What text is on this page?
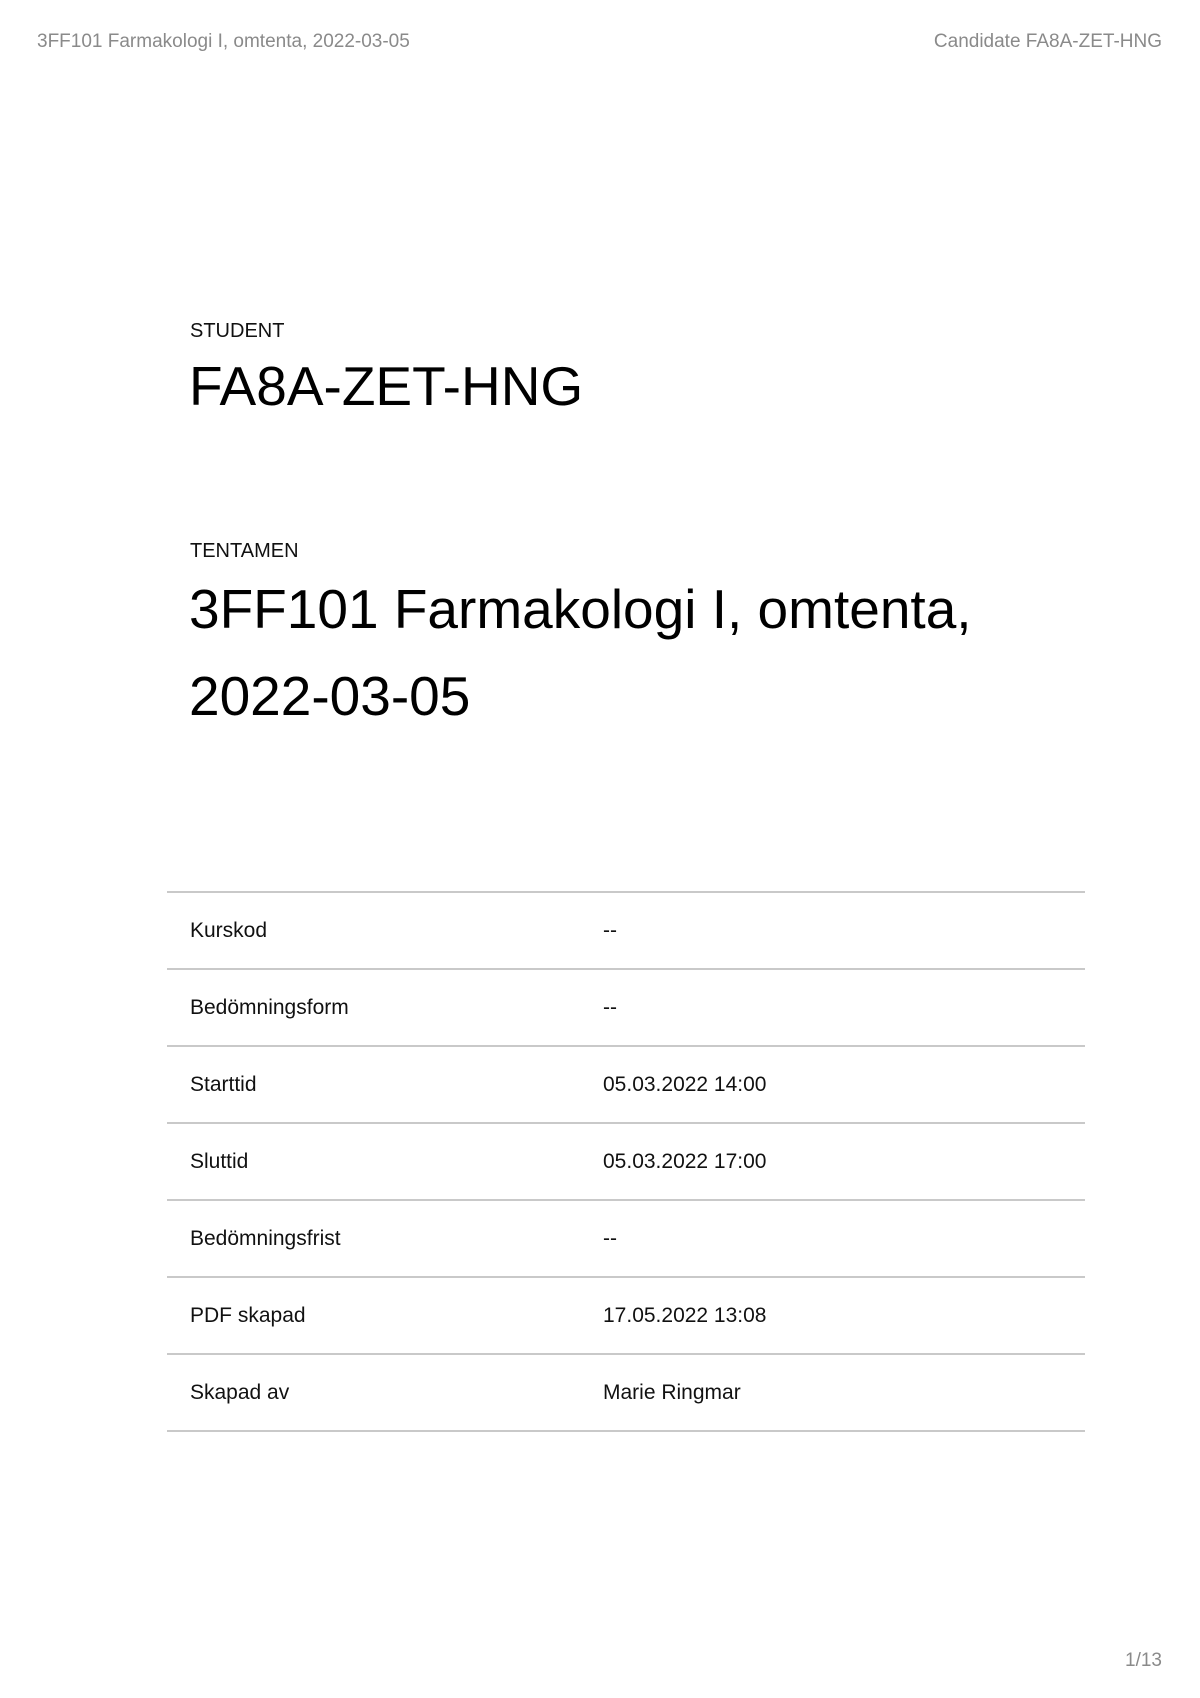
3FF101 Farmakologi I, omtenta, 2022-03-05	Candidate FA8A-ZET-HNG
STUDENT
FA8A-ZET-HNG
TENTAMEN
3FF101 Farmakologi I, omtenta, 2022-03-05
Kurskod	--
Bedömningsform	--
Starttid	05.03.2022 14:00
Sluttid	05.03.2022 17:00
Bedömningsfrist	--
PDF skapad	17.05.2022 13:08
Skapad av	Marie Ringmar
1/13
